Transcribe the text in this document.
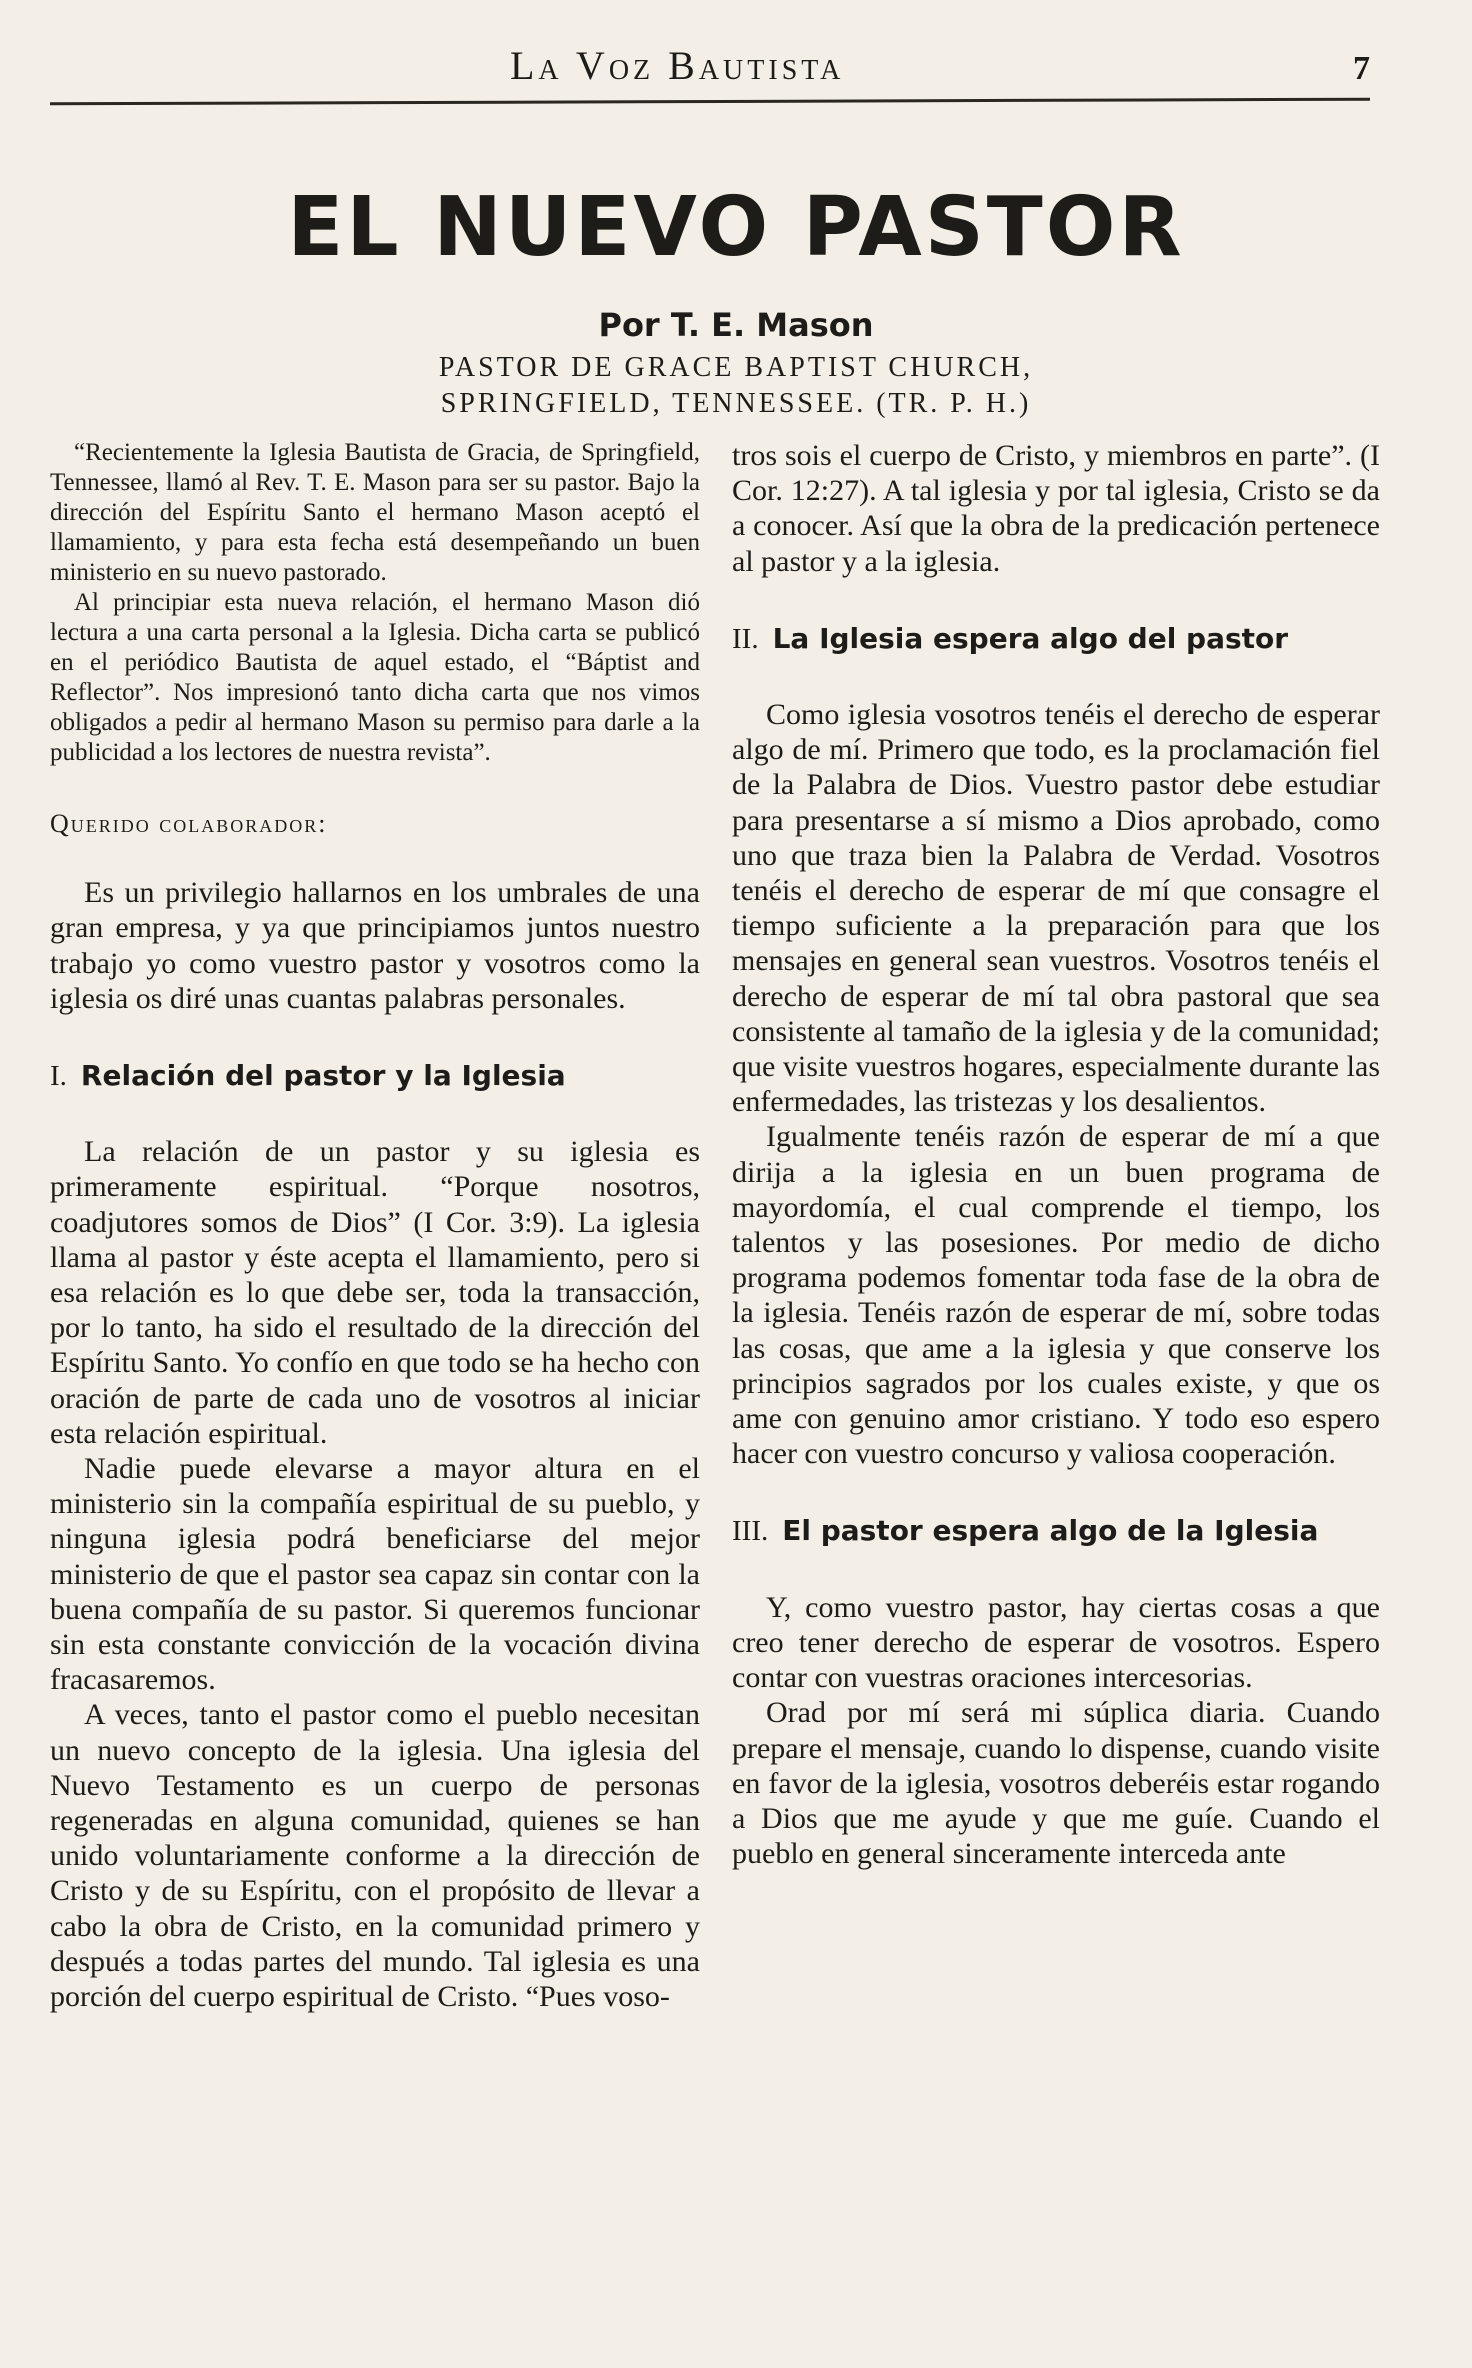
La Voz Bautista	7
EL NUEVO PASTOR
Por T. E. Mason
PASTOR DE GRACE BAPTIST CHURCH,
SPRINGFIELD, TENNESSEE. (TR. P. H.)

“Recientemente la Iglesia Bautista de Gracia, de Springfield, Tennessee, llamó al Rev. T. E. Mason para ser su pastor. Bajo la dirección del Espíritu Santo el hermano Mason aceptó el llamamiento, y para esta fecha está desempeñando un buen ministerio en su nuevo pastorado.

Al principiar esta nueva relación, el hermano Mason dió lectura a una carta personal a la Iglesia. Dicha carta se publicó en el periódico Bautista de aquel estado, el “Báptist and Reflector”. Nos impresionó tanto dicha carta que nos vimos obligados a pedir al hermano Mason su permiso para darle a la publicidad a los lectores de nuestra revista”.

Querido colaborador:

Es un privilegio hallarnos en los umbrales de una gran empresa, y ya que principiamos juntos nuestro trabajo yo como vuestro pastor y vosotros como la iglesia os diré unas cuantas palabras personales.

I. Relación del pastor y la Iglesia

La relación de un pastor y su iglesia es primeramente espiritual. “Porque nosotros, coadjutores somos de Dios” (I Cor. 3:9). La iglesia llama al pastor y éste acepta el llamamiento, pero si esa relación es lo que debe ser, toda la transacción, por lo tanto, ha sido el resultado de la dirección del Espíritu Santo. Yo confío en que todo se ha hecho con oración de parte de cada uno de vosotros al iniciar esta relación espiritual.

Nadie puede elevarse a mayor altura en el ministerio sin la compañía espiritual de su pueblo, y ninguna iglesia podrá beneficiarse del mejor ministerio de que el pastor sea capaz sin contar con la buena compañía de su pastor. Si queremos funcionar sin esta constante convicción de la vocación divina fracasaremos.

A veces, tanto el pastor como el pueblo necesitan un nuevo concepto de la iglesia. Una iglesia del Nuevo Testamento es un cuerpo de personas regeneradas en alguna comunidad, quienes se han unido voluntariamente conforme a la dirección de Cristo y de su Espíritu, con el propósito de llevar a cabo la obra de Cristo, en la comunidad primero y después a todas partes del mundo. Tal iglesia es una porción del cuerpo espiritual de Cristo. “Pues voso-

tros sois el cuerpo de Cristo, y miembros en parte”. (I Cor. 12:27). A tal iglesia y por tal iglesia, Cristo se da a conocer. Así que la obra de la predicación pertenece al pastor y a la iglesia.

II. La Iglesia espera algo del pastor

Como iglesia vosotros tenéis el derecho de esperar algo de mí. Primero que todo, es la proclamación fiel de la Palabra de Dios. Vuestro pastor debe estudiar para presentarse a sí mismo a Dios aprobado, como uno que traza bien la Palabra de Verdad. Vosotros tenéis el derecho de esperar de mí que consagre el tiempo suficiente a la preparación para que los mensajes en general sean vuestros. Vosotros tenéis el derecho de esperar de mí tal obra pastoral que sea consistente al tamaño de la iglesia y de la comunidad; que visite vuestros hogares, especialmente durante las enfermedades, las tristezas y los desalientos.

Igualmente tenéis razón de esperar de mí a que dirija a la iglesia en un buen programa de mayordomía, el cual comprende el tiempo, los talentos y las posesiones. Por medio de dicho programa podemos fomentar toda fase de la obra de la iglesia. Tenéis razón de esperar de mí, sobre todas las cosas, que ame a la iglesia y que conserve los principios sagrados por los cuales existe, y que os ame con genuino amor cristiano. Y todo eso espero hacer con vuestro concurso y valiosa cooperación.

III. El pastor espera algo de la Iglesia

Y, como vuestro pastor, hay ciertas cosas a que creo tener derecho de esperar de vosotros. Espero contar con vuestras oraciones intercesorias.

Orad por mí será mi súplica diaria. Cuando prepare el mensaje, cuando lo dispense, cuando visite en favor de la iglesia, vosotros deberéis estar rogando a Dios que me ayude y que me guíe. Cuando el pueblo en general sinceramente interceda ante
